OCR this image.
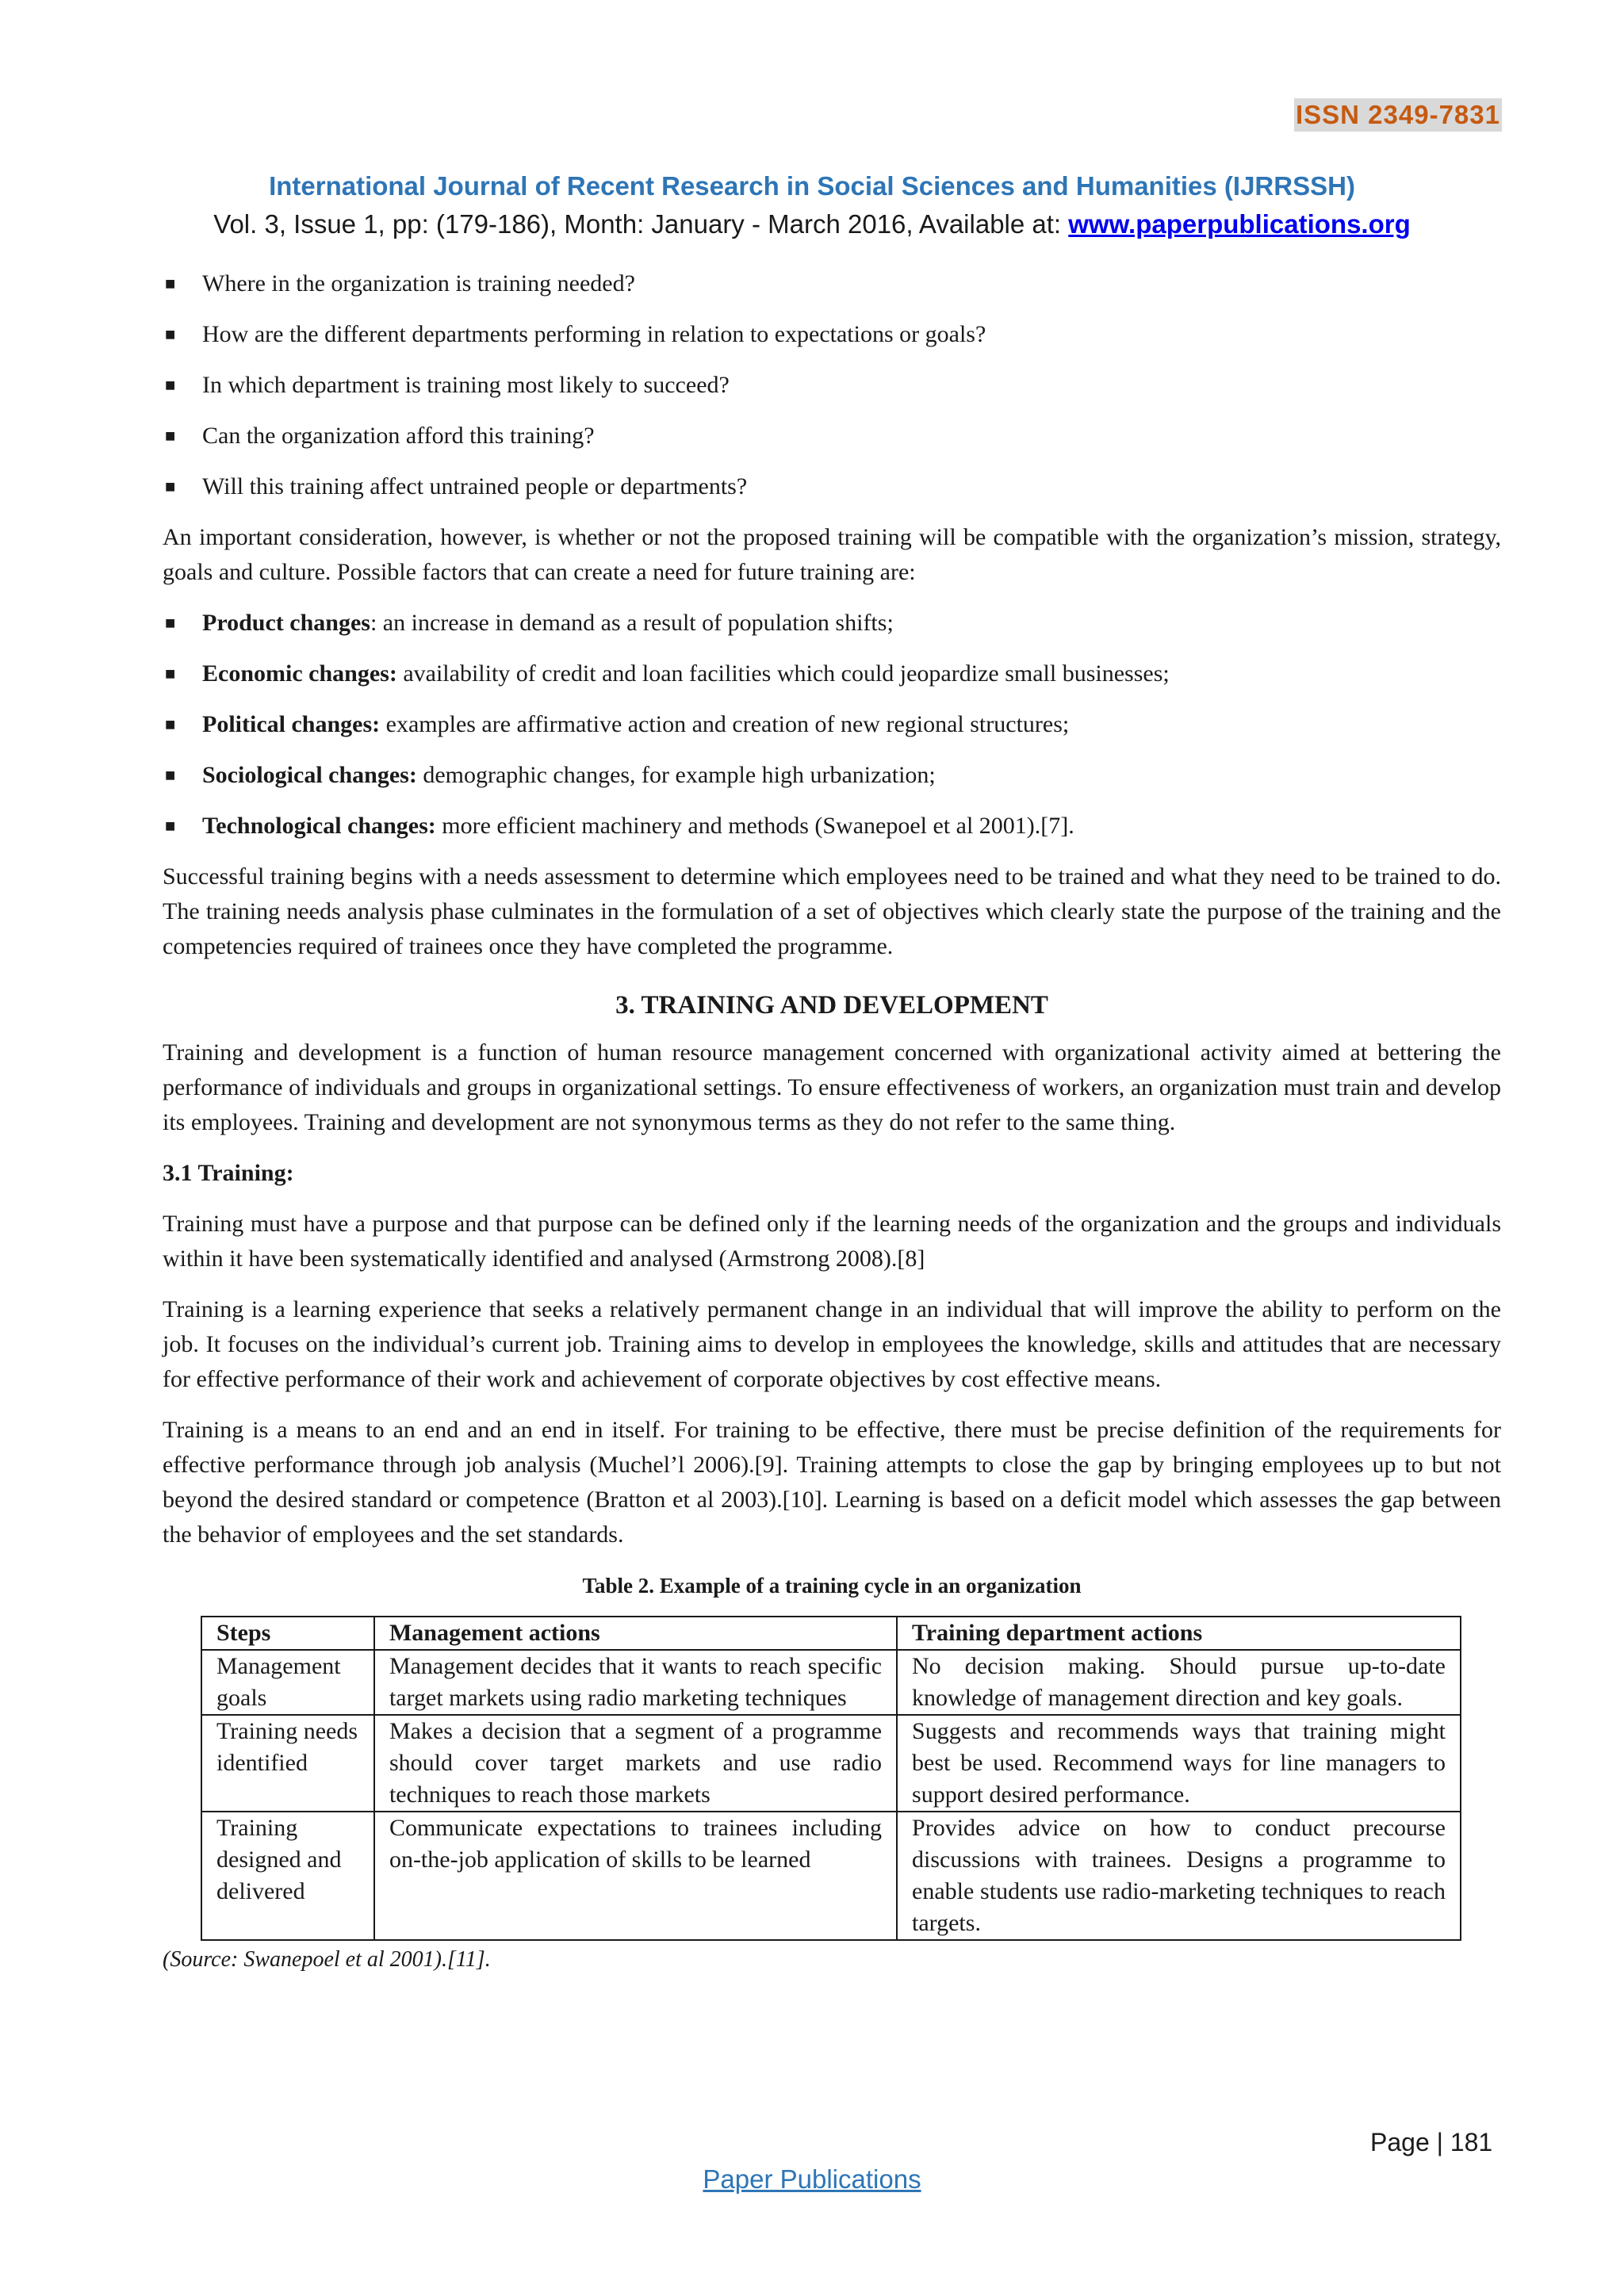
ISSN 2349-7831
International Journal of Recent Research in Social Sciences and Humanities (IJRRSSH)
Vol. 3, Issue 1, pp: (179-186), Month: January - March 2016, Available at: www.paperpublications.org
■ Where in the organization is training needed?
■ How are the different departments performing in relation to expectations or goals?
■ In which department is training most likely to succeed?
■ Can the organization afford this training?
■ Will this training affect untrained people or departments?

An important consideration, however, is whether or not the proposed training will be compatible with the organization’s mission, strategy, goals and culture. Possible factors that can create a need for future training are:

■ Product changes: an increase in demand as a result of population shifts;
■ Economic changes: availability of credit and loan facilities which could jeopardize small businesses;
■ Political changes: examples are affirmative action and creation of new regional structures;
■ Sociological changes: demographic changes, for example high urbanization;
■ Technological changes: more efficient machinery and methods (Swanepoel et al 2001).[7].

Successful training begins with a needs assessment to determine which employees need to be trained and what they need to be trained to do. The training needs analysis phase culminates in the formulation of a set of objectives which clearly state the purpose of the training and the competencies required of trainees once they have completed the programme.

3. TRAINING AND DEVELOPMENT

Training and development is a function of human resource management concerned with organizational activity aimed at bettering the performance of individuals and groups in organizational settings. To ensure effectiveness of workers, an organization must train and develop its employees. Training and development are not synonymous terms as they do not refer to the same thing.

3.1 Training:

Training must have a purpose and that purpose can be defined only if the learning needs of the organization and the groups and individuals within it have been systematically identified and analysed (Armstrong 2008).[8]

Training is a learning experience that seeks a relatively permanent change in an individual that will improve the ability to perform on the job. It focuses on the individual’s current job. Training aims to develop in employees the knowledge, skills and attitudes that are necessary for effective performance of their work and achievement of corporate objectives by cost effective means.

Training is a means to an end and an end in itself. For training to be effective, there must be precise definition of the requirements for effective performance through job analysis (Muchel’l 2006).[9]. Training attempts to close the gap by bringing employees up to but not beyond the desired standard or competence (Bratton et al 2003).[10]. Learning is based on a deficit model which assesses the gap between the behavior of employees and the set standards.

Table 2. Example of a training cycle in an organization
Steps	Management actions	Training department actions
Management goals	Management decides that it wants to reach specific target markets using radio marketing techniques	No decision making. Should pursue up-to-date knowledge of management direction and key goals.
Training needs identified	Makes a decision that a segment of a programme should cover target markets and use radio techniques to reach those markets	Suggests and recommends ways that training might best be used. Recommend ways for line managers to support desired performance.
Training designed and delivered	Communicate expectations to trainees including on-the-job application of skills to be learned	Provides advice on how to conduct precourse discussions with trainees. Designs a programme to enable students use radio-marketing techniques to reach targets.
(Source: Swanepoel et al 2001).[11].
Page | 181
Paper Publications
